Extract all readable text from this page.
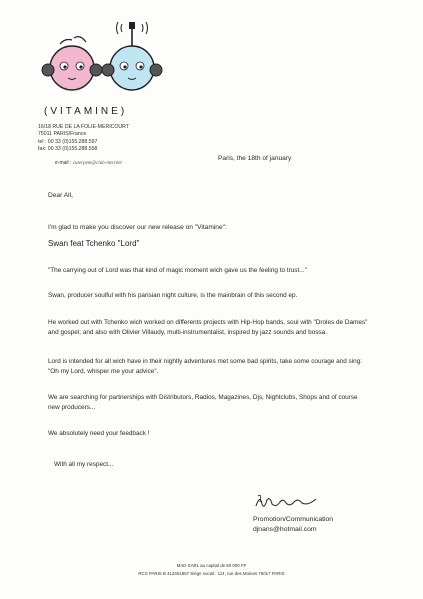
(VITAMINE)
16/18 RUE DE LA FOLIE-MERICOURT
75011 PARIS/France
tel : 00 33 (0)155.288.597
fax: 00 33 (0)155.288.598
e-mail : cuterpem@club-internet
Paris, the 18th of january
Dear All,
I'm glad to make you discover our new release on "Vitamine":
Swan feat Tchenko "Lord"
"The carrying out of Lord was that kind of magic moment wich gave us the feeling to trust..."
Swan, producer soulful with his parisian night culture, is the mainbrain of this second ep.
He worked out with Tchenko wich worked on differents projects with Hip-Hop bands, soul with "Droles de Dames" and gospel; and also with Olivier Villaudy, multi-instrumentalist, inspired by jazz sounds and bossa.
Lord is intended for all wich have in their nightly adventures met some bad spirits, take some courage and sing: "Oh my Lord, whisper me your advice".
We are searching for partnerships with Distributors, Radios, Magazines, Djs, Nightclubs, Shops and of course new producers...
We absolutely need your feedback !
With all my respect...
Promotion/Communication
djnans@hotmail.com
MAD SARL au capital de 50 000 FF
RCS PARIS B 413451857 Siège social : 114, rue des Moines 75017 PARIS
